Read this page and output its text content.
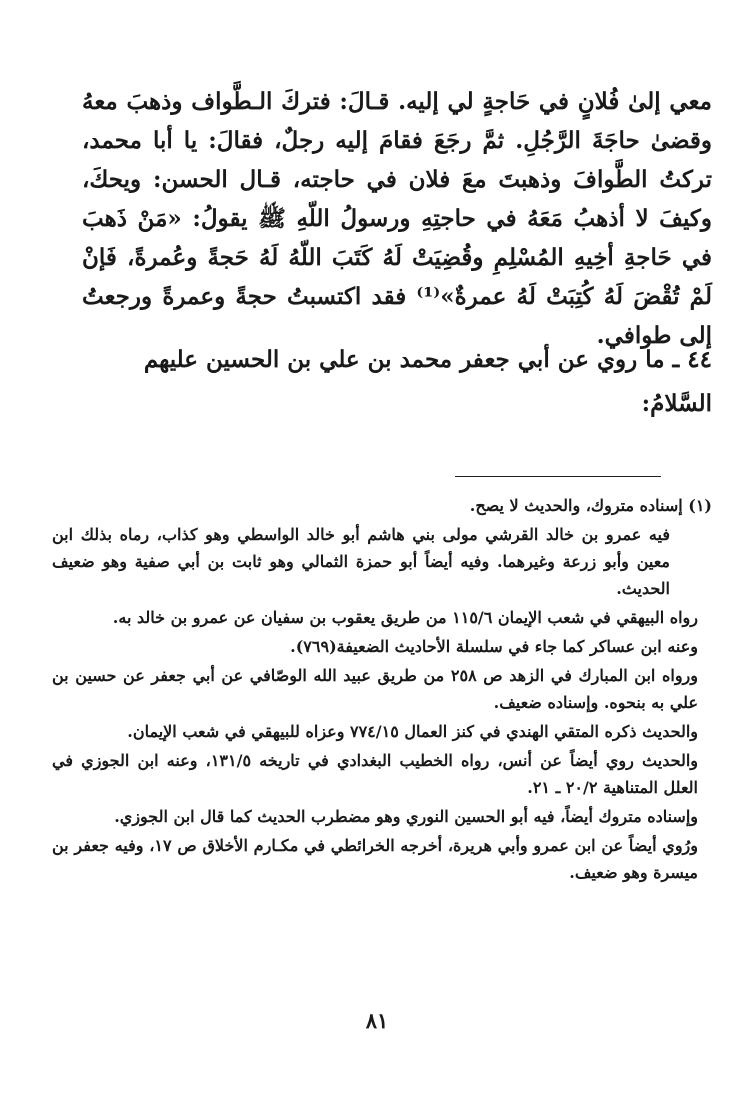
معي إلىٰ فُلانٍ في حَاجةٍ لي إليه. قـالَ: فتركَ الـطَّواف وذهبَ معهُ وقضىٰ حاجَةَ الرَّجُلِ. ثمَّ رجَعَ فقامَ إليه رجلٌ، فقالَ: يا أبا محمد، تركتُ الطَّوافَ وذهبتَ معَ فلان في حاجته، قـال الحسن: ويحكَ، وكيفَ لا أذهبُ مَعَهُ في حاجتِهِ ورسولُ اللّهِ ﷺ يقولُ: «مَنْ ذَهبَ في حَاجةِ أخِيهِ المُسْلِمِ وقُضِيَتْ لَهُ كَتَبَ اللّهُ لَهُ حَجةً وعُمرةً، فَإنْ لَمْ تُقْضَ لَهُ كُتِبَتْ لَهُ عمرةٌ»⁽¹⁾ فقد اكتسبتُ حجةً وعمرةً ورجعتُ إلى طوافي.

٤٤ ـ ما روي عن أبي جعفر محمد بن علي بن الحسين عليهم السَّلامُ:

(١) إسناده متروك، والحديث لا يصح.

فيه عمرو بن خالد القرشي مولى بني هاشم أبو خالد الواسطي وهو كذاب، رماه بذلك ابن معين وأبو زرعة وغيرهما. وفيه أيضاً أبو حمزة الثمالي وهو ثابت بن أبي صفية وهو ضعيف الحديث.

رواه البيهقي في شعب الإيمان ١١٥/٦ من طريق يعقوب بن سفيان عن عمرو بن خالد به.

وعنه ابن عساكر كما جاء في سلسلة الأحاديث الضعيفة(٧٦٩).

ورواه ابن المبارك في الزهد ص ٢٥٨ من طريق عبيد الله الوصّافي عن أبي جعفر عن حسين بن علي به بنحوه. وإسناده ضعيف.

والحديث ذكره المتقي الهندي في كنز العمال ٧٧٤/١٥ وعزاه للبيهقي في شعب الإيمان.

والحديث روي أيضاً عن أنس، رواه الخطيب البغدادي في تاريخه ١٣١/٥، وعنه ابن الجوزي في العلل المتناهية ٢٠/٢ ـ ٢١.

وإسناده متروك أيضاً، فيه أبو الحسين النوري وهو مضطرب الحديث كما قال ابن الجوزي.

ورُوي أيضاً عن ابن عمرو وأبي هريرة، أخرجه الخرائطي في مكـارم الأخلاق ص ١٧، وفيه جعفر بن ميسرة وهو ضعيف.

٨١
